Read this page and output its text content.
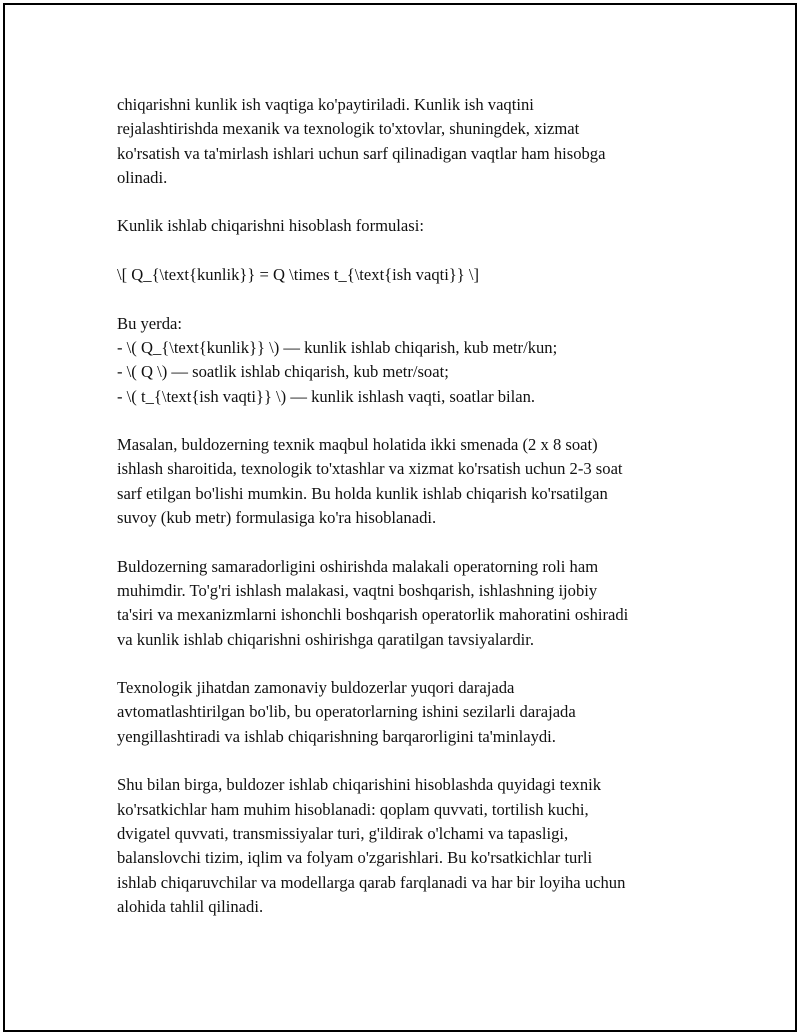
chiqarishni kunlik ish vaqtiga ko'paytiriladi. Kunlik ish vaqtini
rejalashtirishda mexanik va texnologik to'xtovlar, shuningdek, xizmat
ko'rsatish va ta'mirlash ishlari uchun sarf qilinadigan vaqtlar ham hisobga
olinadi.

Kunlik ishlab chiqarishni hisoblash formulasi:

\[ Q_{\text{kunlik}} = Q \times t_{\text{ish vaqti}} \]

Bu yerda:
- \( Q_{\text{kunlik}} \) — kunlik ishlab chiqarish, kub metr/kun;
- \( Q \) — soatlik ishlab chiqarish, kub metr/soat;
- \( t_{\text{ish vaqti}} \) — kunlik ishlash vaqti, soatlar bilan.

Masalan, buldozerning texnik maqbul holatida ikki smenada (2 x 8 soat)
ishlash sharoitida, texnologik to'xtashlar va xizmat ko'rsatish uchun 2-3 soat
sarf etilgan bo'lishi mumkin. Bu holda kunlik ishlab chiqarish ko'rsatilgan
suvoy (kub metr) formulasiga ko'ra hisoblanadi.

Buldozerning samaradorligini oshirishda malakali operatorning roli ham
muhimdir. To'g'ri ishlash malakasi, vaqtni boshqarish, ishlashning ijobiy
ta'siri va mexanizmlarni ishonchli boshqarish operatorlik mahoratini oshiradi
va kunlik ishlab chiqarishni oshirishga qaratilgan tavsiyalardir.

Texnologik jihatdan zamonaviy buldozerlar yuqori darajada
avtomatlashtirilgan bo'lib, bu operatorlarning ishini sezilarli darajada
yengillashtiradi va ishlab chiqarishning barqarorligini ta'minlaydi.

Shu bilan birga, buldozer ishlab chiqarishini hisoblashda quyidagi texnik
ko'rsatkichlar ham muhim hisoblanadi: qoplam quvvati, tortilish kuchi,
dvigatel quvvati, transmissiyalar turi, g'ildirak o'lchami va tapasligi,
balanslovchi tizim, iqlim va folyam o'zgarishlari. Bu ko'rsatkichlar turli
ishlab chiqaruvchilar va modellarga qarab farqlanadi va har bir loyiha uchun
alohida tahlil qilinadi.
